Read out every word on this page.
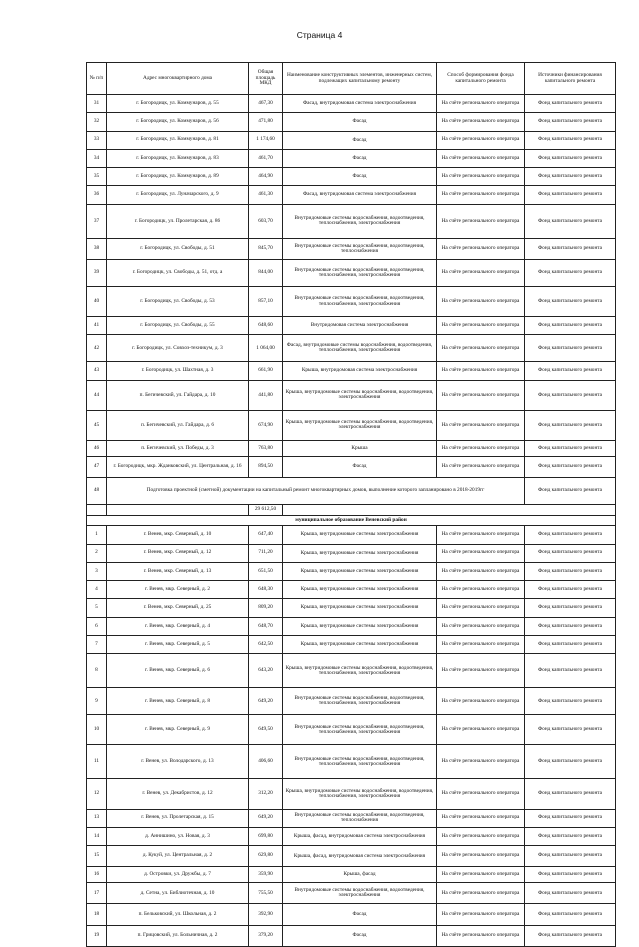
Страница 4
№ п/п	Адрес многоквартирного дома	Общая площадь МКД	Наименование конструктивных элементов, инженерных систем, подлежащих капитальному ремонту	Способ формирования фонда капитального ремонта	Источники финансирования капитального ремонта
31	г. Богородицк, ул. Коммунаров, д. 55	467,30	Фасад, внутридомовая система электроснабжения	На счёте регионального оператора	Фонд капитального ремонта
32	г. Богородицк, ул. Коммунаров, д. 56	471,80	Фасад	На счёте регионального оператора	Фонд капитального ремонта
33	г. Богородицк, ул. Коммунаров, д. 81	1 174,60	Фасад	На счёте регионального оператора	Фонд капитального ремонта
34	г. Богородицк, ул. Коммунаров, д. 83	461,70	Фасад	На счёте регионального оператора	Фонд капитального ремонта
35	г. Богородицк, ул. Коммунаров, д. 89	464,90	Фасад	На счёте регионального оператора	Фонд капитального ремонта
36	г. Богородицк, ул. Луначарского, д. 9	461,30	Фасад, внутридомовая система электроснабжения	На счёте регионального оператора	Фонд капитального ремонта
37	г. Богородицк, ул. Пролетарская, д. 86	603,70	Внутридомовые системы водоснабжения, водоотведения, теплоснабжения, электроснабжения	На счёте регионального оператора	Фонд капитального ремонта
38	г. Богородицк, ул. Свободы, д. 51	845,70	Внутридомовые системы водоснабжения, водоотведения, теплоснабжения	На счёте регионального оператора	Фонд капитального ремонта
39	г. Богородицк, ул. Свободы, д. 51, отд. а	844,00	Внутридомовые системы водоснабжения, водоотведения, теплоснабжения, электроснабжения	На счёте регионального оператора	Фонд капитального ремонта
40	г. Богородицк, ул. Свободы, д. 53	857,10	Внутридомовые системы водоснабжения, водоотведения, теплоснабжения, электроснабжения	На счёте регионального оператора	Фонд капитального ремонта
41	г. Богородицк, ул. Свободы, д. 55	648,60	Внутридомовая система электроснабжения	На счёте регионального оператора	Фонд капитального ремонта
42	г. Богородицк, ул. Совхоз-техникум, д. 3	1 064,00	Фасад, внутридомовые системы водоснабжения, водоотведения, теплоснабжения, электроснабжения	На счёте регионального оператора	Фонд капитального ремонта
43	г. Богородицк, ул. Шахтная, д. 3	661,90	Крыша, внутридомовая система электроснабжения	На счёте регионального оператора	Фонд капитального ремонта
44	п. Бегичевский, ул. Гайдара, д. 10	441,80	Крыша, внутридомовые системы водоснабжения, водоотведения, электроснабжения	На счёте регионального оператора	Фонд капитального ремонта
45	п. Бегичевский, ул. Гайдара, д. 6	674,90	Крыша, внутридомовые системы водоснабжения, водоотведения, электроснабжения	На счёте регионального оператора	Фонд капитального ремонта
46	п. Бегичевский, ул. Победы, д. 3	763,80	Крыша	На счёте регионального оператора	Фонд капитального ремонта
47	г. Богородицк, мкр. Жданковский, ул. Центральная, д. 16	894,50	Фасад	На счёте регионального оператора	Фонд капитального ремонта
48	Подготовка проектной (сметной) документации на капитальный ремонт многоквартирных домов, выполнение которого запланировано в 2018-2019гг				Фонд капитального ремонта
		29 612,50			
муниципальное образование Веневский район					
1	г. Венев, мкр. Северный, д. 10	647,40	Крыша, внутридомовые системы электроснабжения	На счёте регионального оператора	Фонд капитального ремонта
2	г. Венев, мкр. Северный, д. 12	711,20	Крыша, внутридомовые системы электроснабжения	На счёте регионального оператора	Фонд капитального ремонта
3	г. Венев, мкр. Северный, д. 13	651,50	Крыша, внутридомовые системы электроснабжения	На счёте регионального оператора	Фонд капитального ремонта
4	г. Венев, мкр. Северный, д. 2	648,30	Крыша, внутридомовые системы электроснабжения	На счёте регионального оператора	Фонд капитального ремонта
5	г. Венев, мкр. Северный, д. 25	809,20	Крыша, внутридомовые системы электроснабжения	На счёте регионального оператора	Фонд капитального ремонта
6	г. Венев, мкр. Северный, д. 4	648,70	Крыша, внутридомовые системы электроснабжения	На счёте регионального оператора	Фонд капитального ремонта
7	г. Венев, мкр. Северный, д. 5	642,50	Крыша, внутридомовые системы электроснабжения	На счёте регионального оператора	Фонд капитального ремонта
8	г. Венев, мкр. Северный, д. 6	643,20	Крыша, внутридомовые системы водоснабжения, водоотведения, теплоснабжения, электроснабжения	На счёте регионального оператора	Фонд капитального ремонта
9	г. Венев, мкр. Северный, д. 8	649,20	Внутридомовые системы водоснабжения, водоотведения, теплоснабжения, электроснабжения	На счёте регионального оператора	Фонд капитального ремонта
10	г. Венев, мкр. Северный, д. 9	649,50	Внутридомовые системы водоснабжения, водоотведения, теплоснабжения, электроснабжения	На счёте регионального оператора	Фонд капитального ремонта
11	г. Венев, ул. Володарского, д. 13	406,60	Внутридомовые системы водоснабжения, водоотведения, теплоснабжения, электроснабжения	На счёте регионального оператора	Фонд капитального ремонта
12	г. Венев, ул. Декабристов, д. 12	312,20	Крыша, внутридомовые системы водоснабжения, водоотведения, теплоснабжения, электроснабжения	На счёте регионального оператора	Фонд капитального ремонта
13	г. Венев, ул. Пролетарская, д. 15	649,20	Внутридомовые системы водоснабжения, водоотведения, теплоснабжения	На счёте регионального оператора	Фонд капитального ремонта
14	д. Аннишино, ул. Новая, д. 3	699,80	Крыша, фасад, внутридомовая система электроснабжения	На счёте регионального оператора	Фонд капитального ремонта
15	д. Кукуй, ул. Центральная, д. 2	629,80	Крыша, фасад, внутридомовая система электроснабжения	На счёте регионального оператора	Фонд капитального ремонта
16	д. Островки, ул. Дружбы, д. 7	359,90	Крыша, фасад	На счёте регионального оператора	Фонд капитального ремонта
17	д. Сетна, ул. Библиотечная, д. 10	755,50	Внутридомовые системы водоснабжения, водоотведения, электроснабжения	На счёте регионального оператора	Фонд капитального ремонта
18	п. Бельковский, ул. Школьная, д. 2	392,90	Фасад	На счёте регионального оператора	Фонд капитального ремонта
19	п. Грицовский, ул. Больничная, д. 2	379,20	Фасад	На счёте регионального оператора	Фонд капитального ремонта
